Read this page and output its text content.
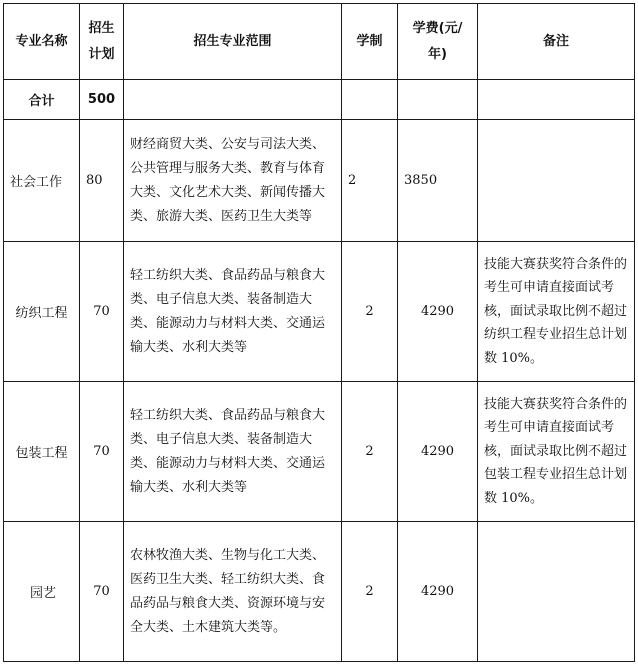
专业名称	招生计划	招生专业范围	学制	学费(元/年)	备注
合计	500				
社会工作	80	财经商贸大类、公安与司法大类、公共管理与服务大类、教育与体育大类、文化艺术大类、新闻传播大类、旅游大类、医药卫生大类等	2	3850	
纺织工程	70	轻工纺织大类、食品药品与粮食大类、电子信息大类、装备制造大类、能源动力与材料大类、交通运输大类、水利大类等	2	4290	技能大赛获奖符合条件的考生可申请直接面试考核，面试录取比例不超过纺织工程专业招生总计划数 10%。
包装工程	70	轻工纺织大类、食品药品与粮食大类、电子信息大类、装备制造大类、能源动力与材料大类、交通运输大类、水利大类等	2	4290	技能大赛获奖符合条件的考生可申请直接面试考核，面试录取比例不超过包装工程专业招生总计划数 10%。
园艺	70	农林牧渔大类、生物与化工大类、医药卫生大类、轻工纺织大类、食品药品与粮食大类、资源环境与安全大类、土木建筑大类等。	2	4290	
